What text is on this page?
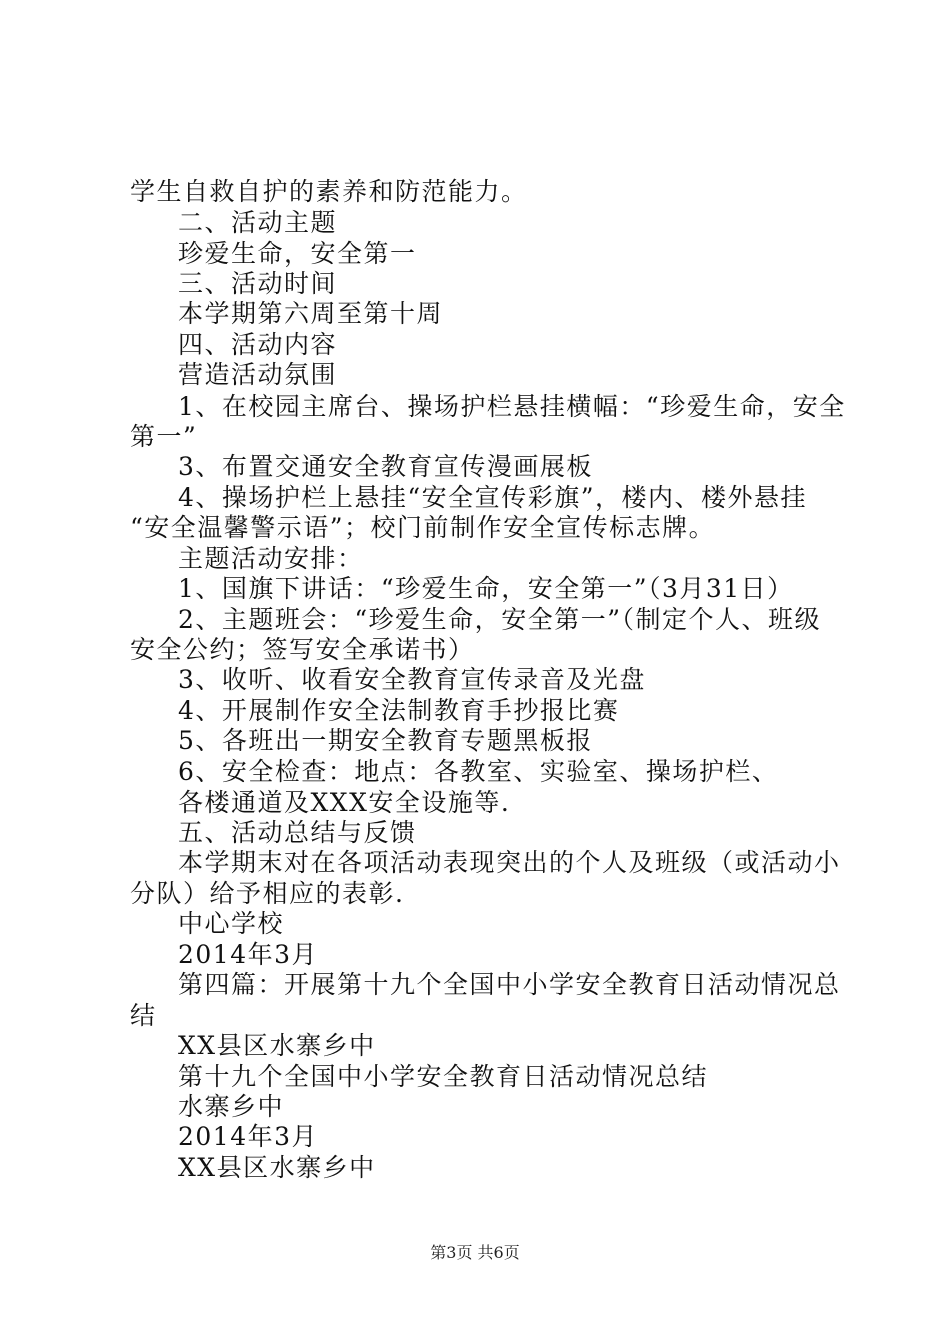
学生自救自护的素养和防范能力。
二、活动主题
珍爱生命，安全第一
三、活动时间
本学期第六周至第十周
四、活动内容
营造活动氛围
1、在校园主席台、操场护栏悬挂横幅：“珍爱生命，安全
第一”
3、布置交通安全教育宣传漫画展板
4、操场护栏上悬挂“安全宣传彩旗”，楼内、楼外悬挂
“安全温馨警示语”；校门前制作安全宣传标志牌。
主题活动安排：
1、国旗下讲话：“珍爱生命，安全第一”（3月31日）
2、主题班会：“珍爱生命，安全第一”（制定个人、班级
安全公约；签写安全承诺书）
3、收听、收看安全教育宣传录音及光盘
4、开展制作安全法制教育手抄报比赛
5、各班出一期安全教育专题黑板报
6、安全检查：地点：各教室、实验室、操场护栏、
各楼通道及XXX安全设施等.
五、活动总结与反馈
本学期末对在各项活动表现突出的个人及班级（或活动小
分队）给予相应的表彰.
中心学校
2014年3月
第四篇：开展第十九个全国中小学安全教育日活动情况总
结
XX县区水寨乡中
第十九个全国中小学安全教育日活动情况总结
水寨乡中
2014年3月
XX县区水寨乡中
第3页 共6页
